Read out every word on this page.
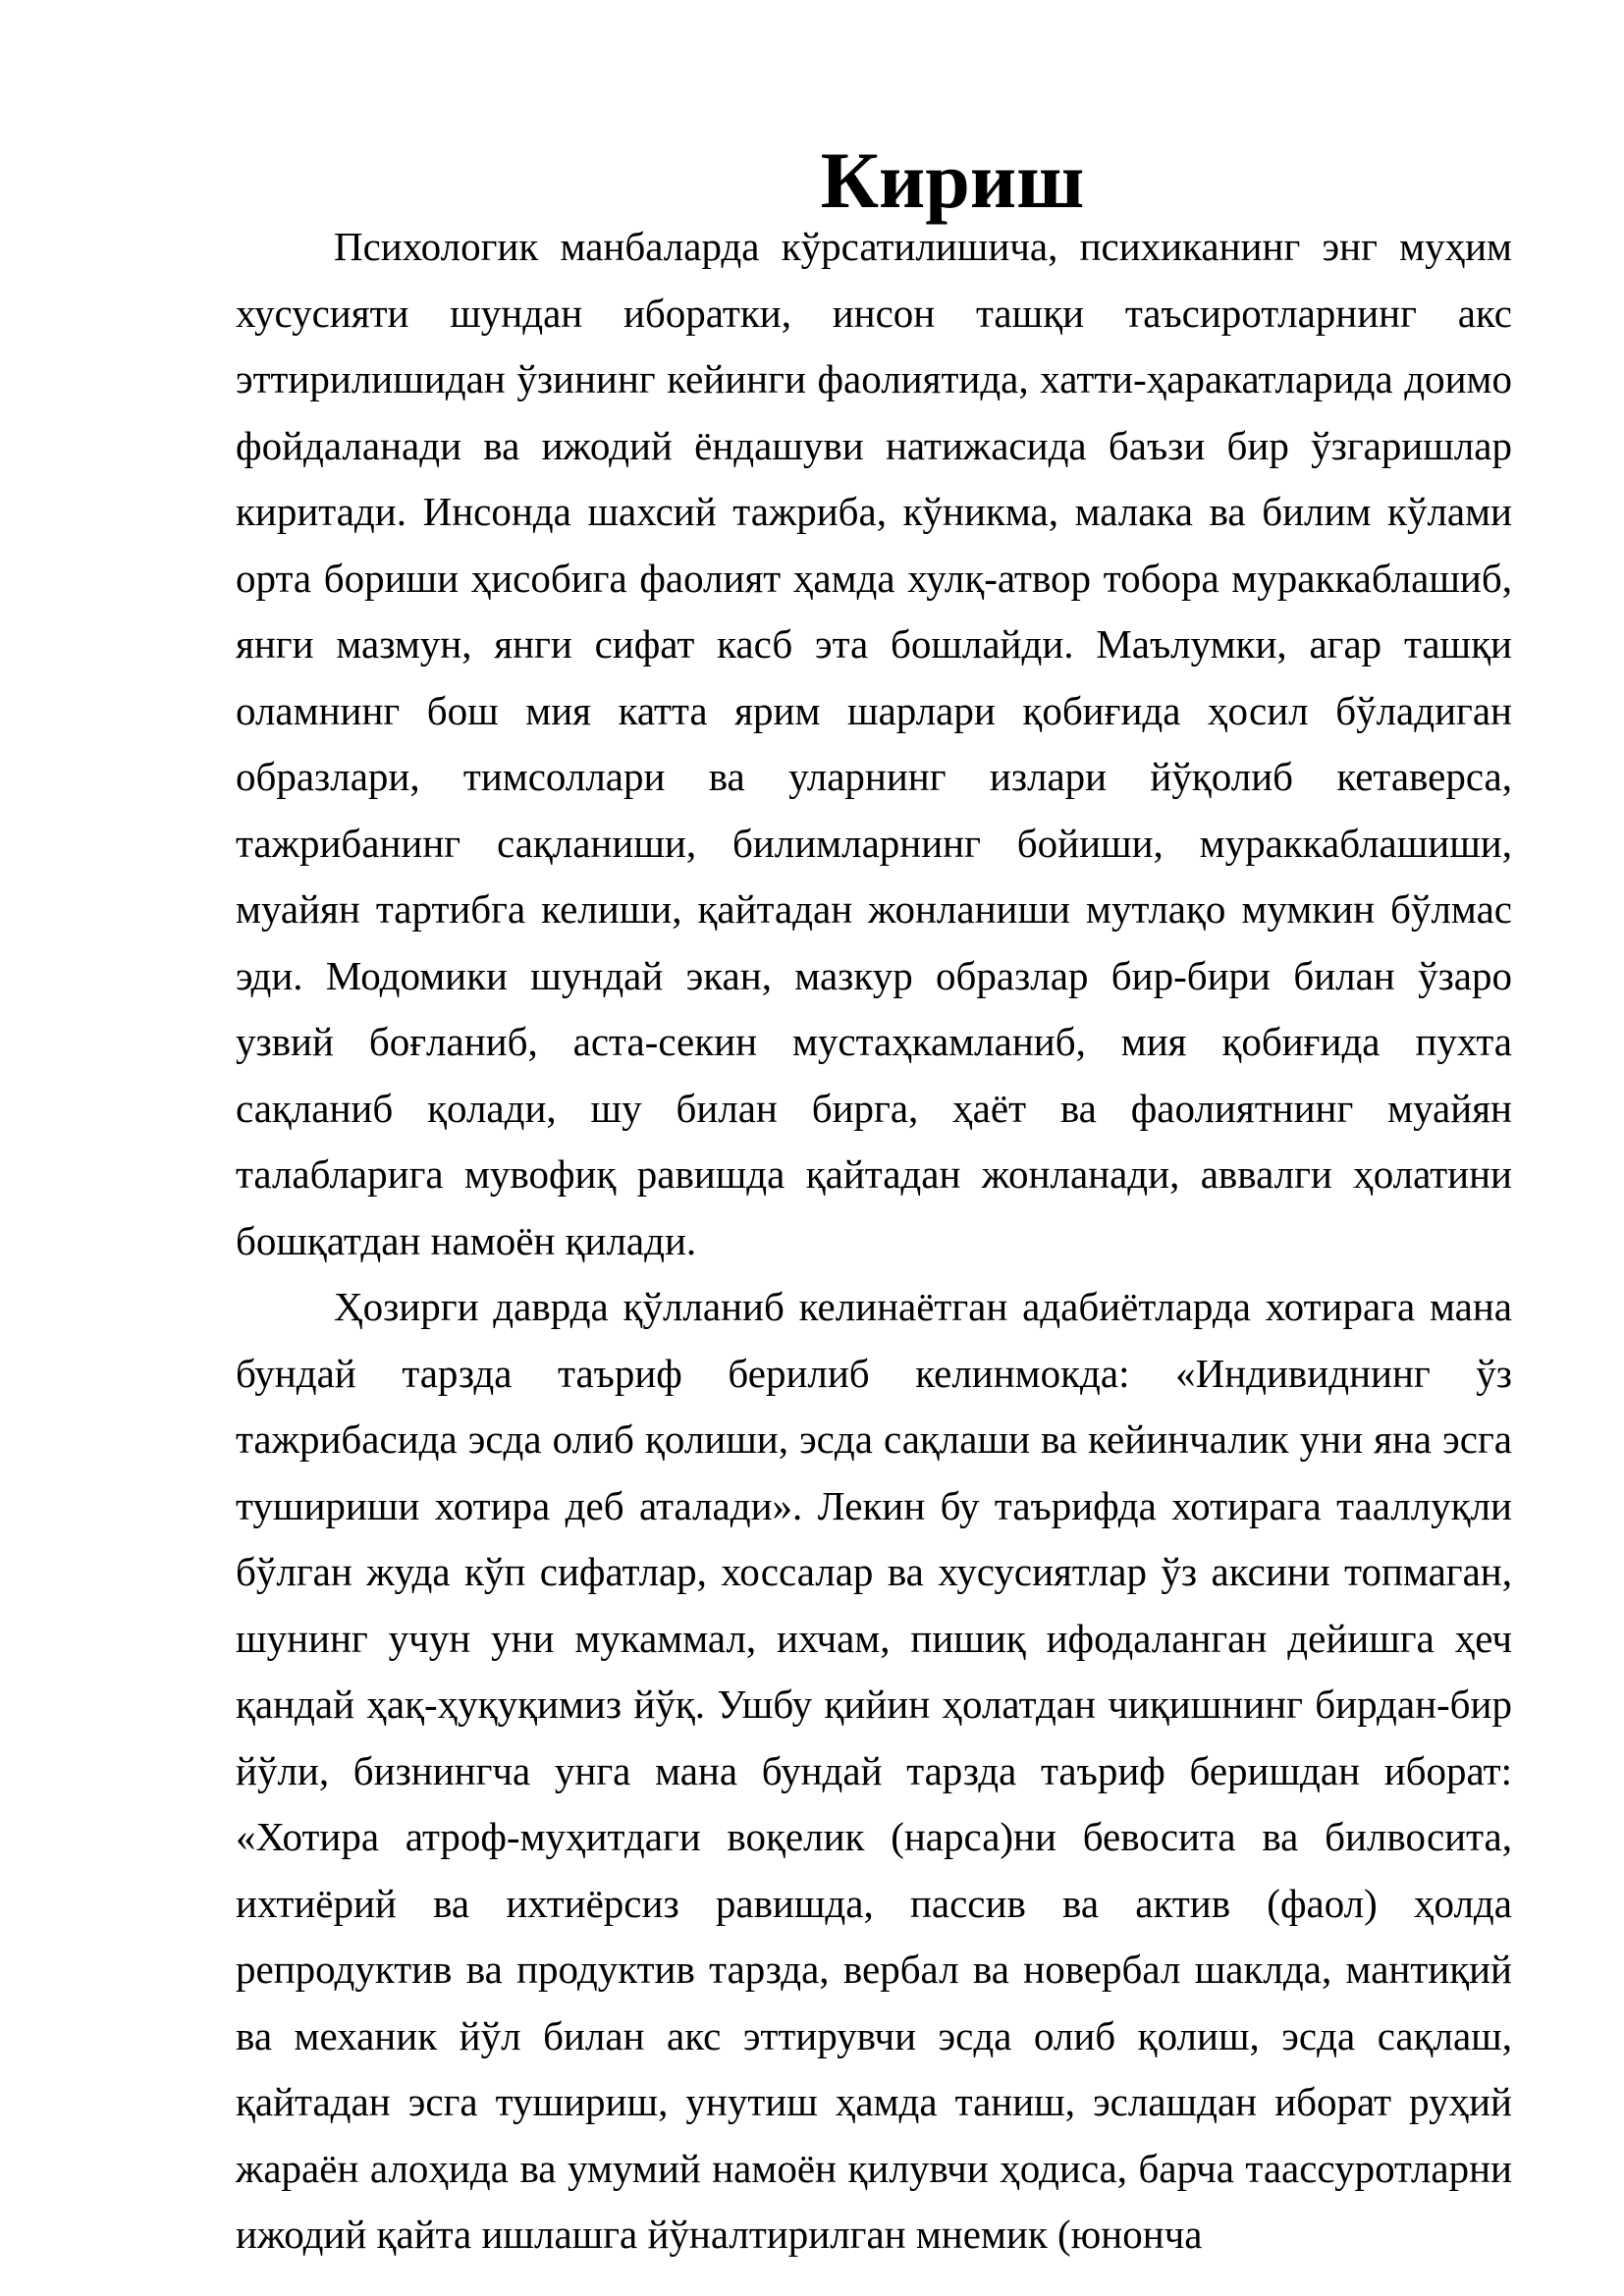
Кириш

Психологик манбаларда кўрсатилишича, психиканинг энг муҳим хусусияти шундан иборатки, инсон ташқи таъсиротларнинг акс эттирилишидан ўзининг кейинги фаолиятида, хатти-ҳаракатларида доимо фойдаланади ва ижодий ёндашуви натижасида баъзи бир ўзгаришлар киритади. Инсонда шахсий тажриба, кўникма, малака ва билим кўлами орта бориши ҳисобига фаолият ҳамда хулқ-атвор тобора мураккаблашиб, янги мазмун, янги сифат касб эта бошлайди. Маълумки, агар ташқи оламнинг бош мия катта ярим шарлари қобиғида ҳосил бўладиган образлари, тимсоллари ва уларнинг излари йўқолиб кетаверса, тажрибанинг сақланиши, билимларнинг бойиши, мураккаблашиши, муайян тартибга келиши, қайтадан жонланиши мутлақо мумкин бўлмас эди. Модомики шундай экан, мазкур образлар бир-бири билан ўзаро узвий боғланиб, аста-секин мустаҳкамланиб, мия қобиғида пухта сақланиб қолади, шу билан бирга, ҳаёт ва фаолиятнинг муайян талабларига мувофиқ равишда қайтадан жонланади, аввалги ҳолатини бошқатдан намоён қилади.

Ҳозирги даврда қўлланиб келинаётган адабиётларда хотирага мана бундай тарзда таъриф берилиб келинмокда: «Индивиднинг ўз тажрибасида эсда олиб қолиши, эсда сақлаши ва кейинчалик уни яна эсга тушириши хотира деб аталади». Лекин бу таърифда хотирага тааллуқли бўлган жуда кўп сифатлар, хоссалар ва хусусиятлар ўз аксини топмаган, шунинг учун уни мукаммал, ихчам, пишиқ ифодаланган дейишга ҳеч қандай ҳақ-ҳуқуқимиз йўқ. Ушбу қийин ҳолатдан чиқишнинг бирдан-бир йўли, бизнингча унга мана бундай тарзда таъриф беришдан иборат: «Хотира атроф-муҳитдаги воқелик (нарса)ни бевосита ва билвосита, ихтиёрий ва ихтиёрсиз равишда, пассив ва актив (фаол) ҳолда репродуктив ва продуктив тарзда, вербал ва новербал шаклда, мантиқий ва механик йўл билан акс эттирувчи эсда олиб қолиш, эсда сақлаш, қайтадан эсга тушириш, унутиш ҳамда таниш, эслашдан иборат руҳий жараён алоҳида ва умумий намоён қилувчи ҳодиса, барча таассуротларни ижодий қайта ишлашга йўналтирилган мнемик (юнонча
